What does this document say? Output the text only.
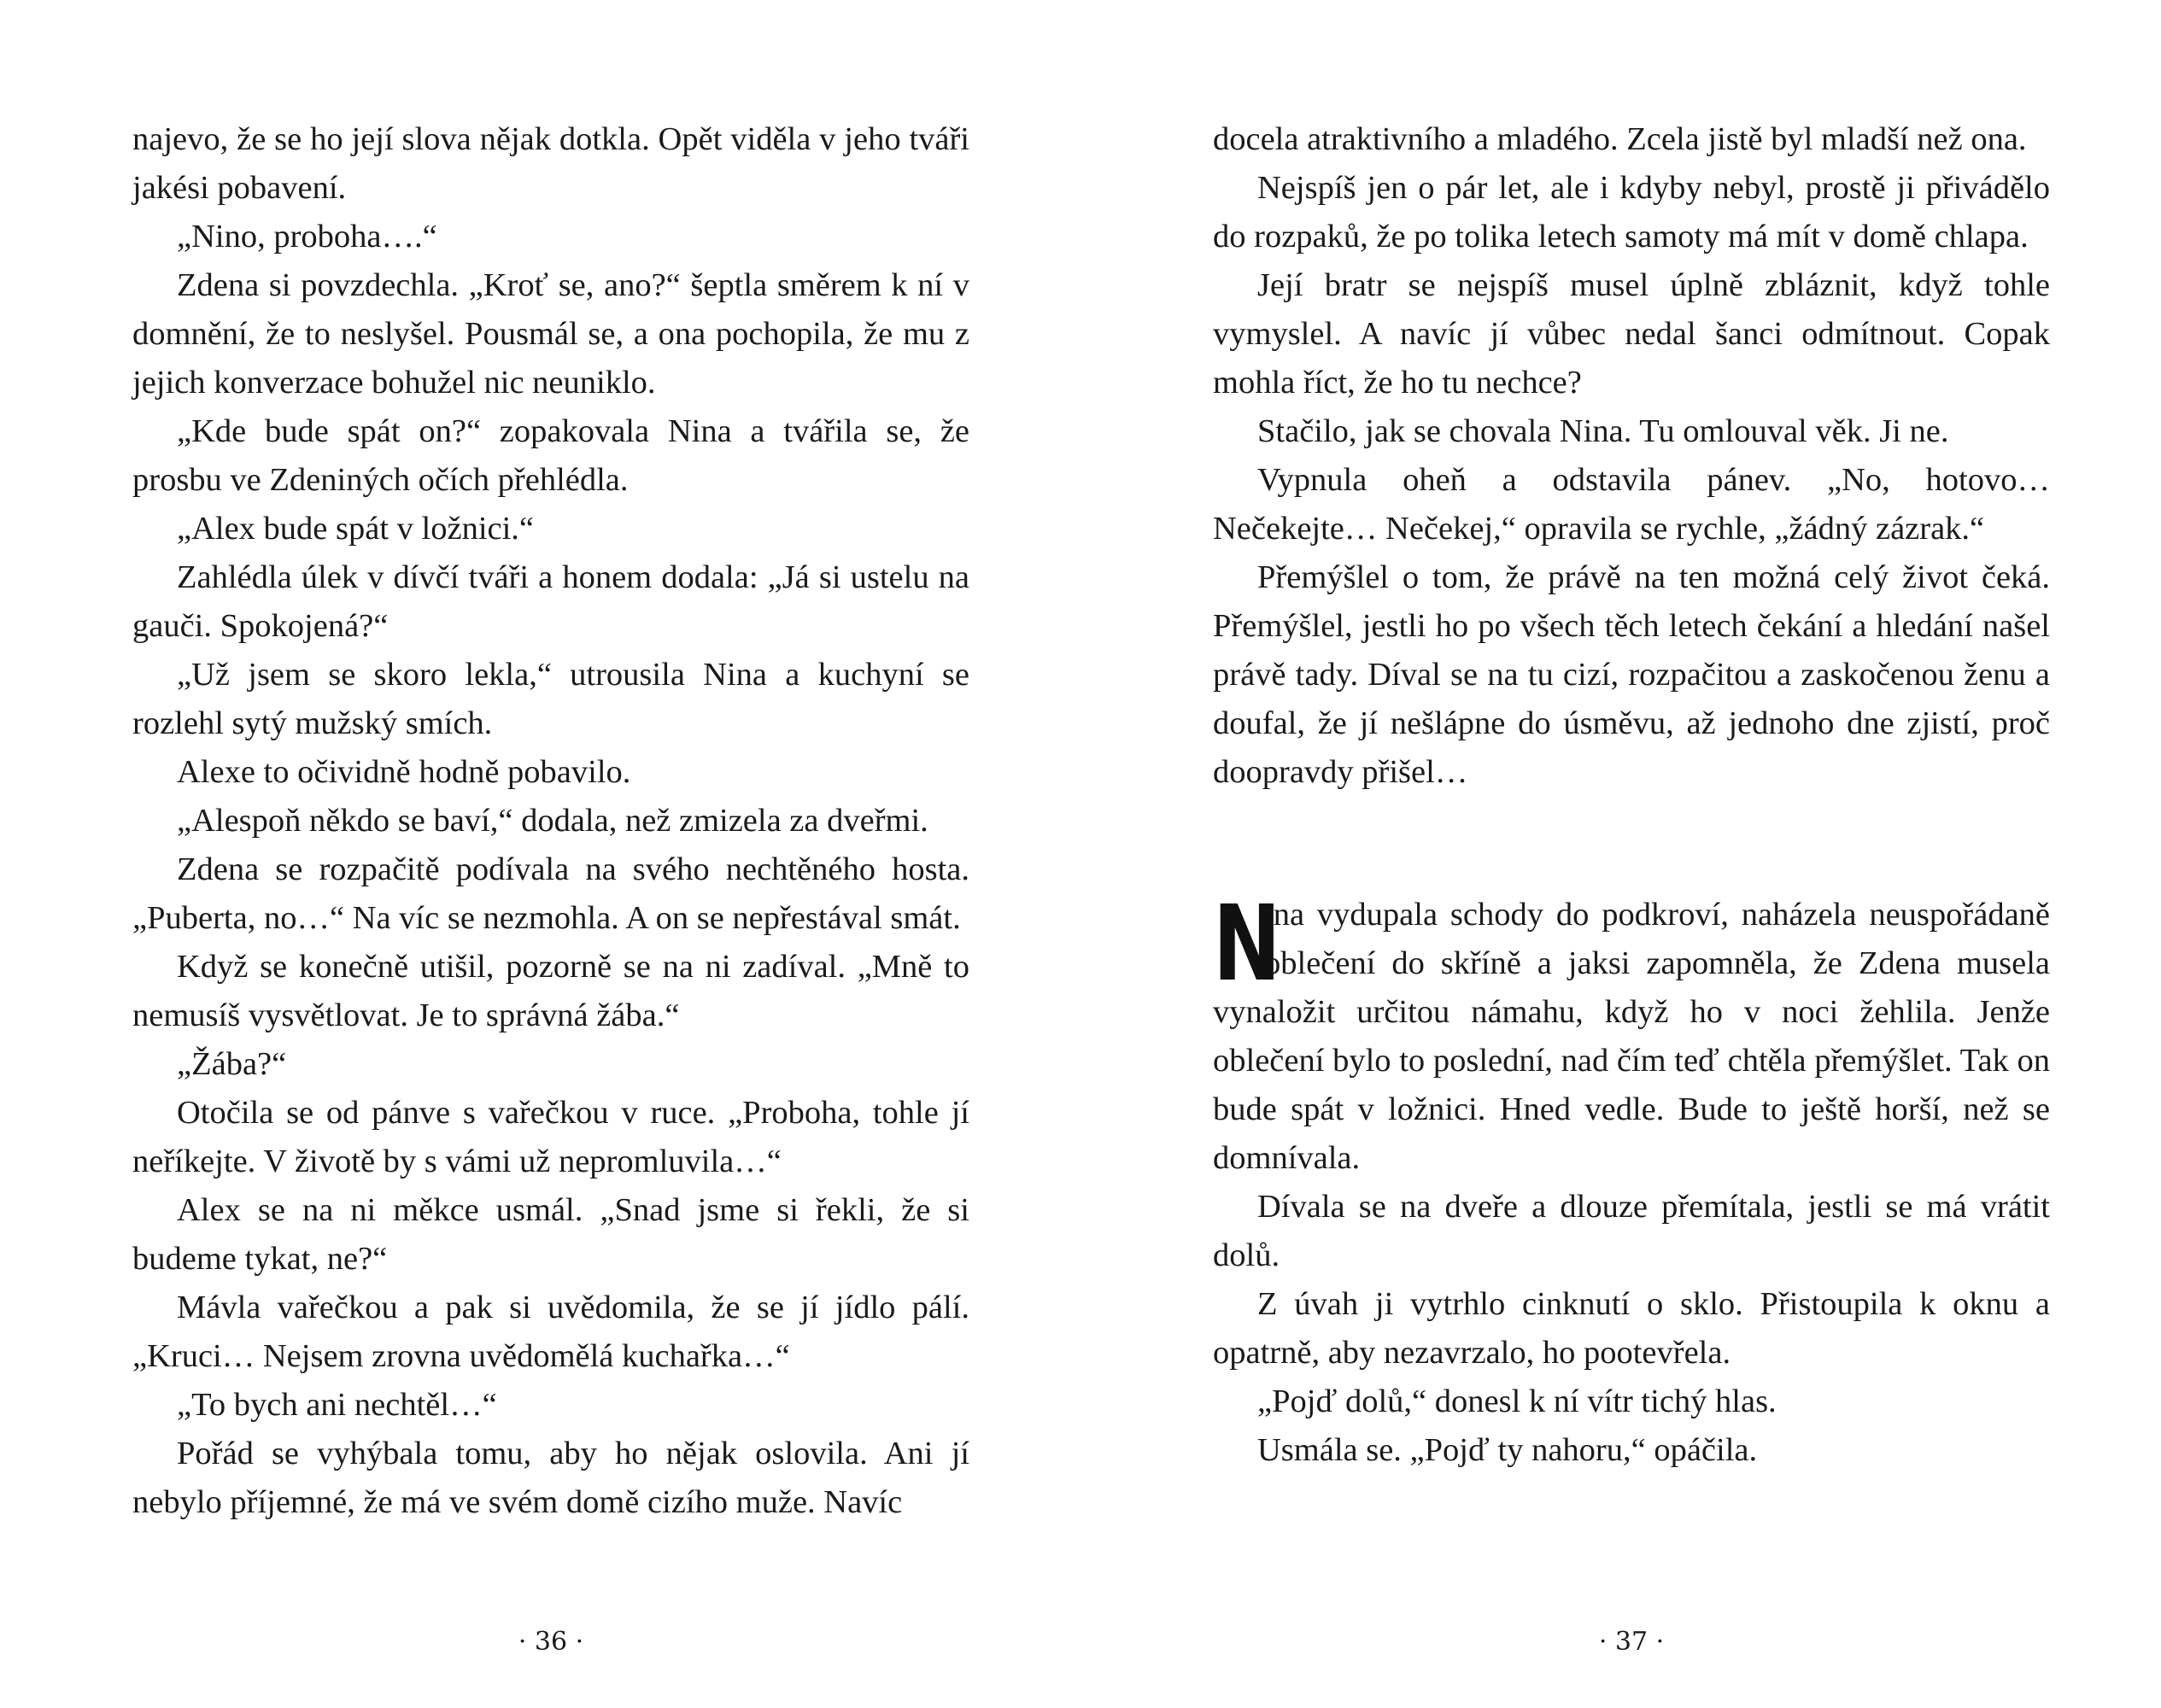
najevo, že se ho její slova nějak dotkla. Opět viděla v jeho tváři jakési pobavení.

„Nino, proboha….“

Zdena si povzdechla. „Kroť se, ano?“ šeptla směrem k ní v domnění, že to neslyšel. Pousmál se, a ona pochopila, že mu z jejich konverzace bohužel nic neuniklo.

„Kde bude spát on?“ zopakovala Nina a tvářila se, že prosbu ve Zdeniných očích přehlédla.

„Alex bude spát v ložnici.“

Zahlédla úlek v dívčí tváři a honem dodala: „Já si ustelu na gauči. Spokojená?“

„Už jsem se skoro lekla,“ utrousila Nina a kuchyní se rozlehl sytý mužský smích.

Alexe to očividně hodně pobavilo.

„Alespoň někdo se baví,“ dodala, než zmizela za dveřmi.

Zdena se rozpačitě podívala na svého nechtěného hosta. „Puberta, no…“ Na víc se nezmohla. A on se nepřestával smát.

Když se konečně utišil, pozorně se na ni zadíval. „Mně to nemusíš vysvětlovat. Je to správná žába.“

„Žába?“

Otočila se od pánve s vařečkou v ruce. „Proboha, tohle jí neříkejte. V životě by s vámi už nepromluvila…“

Alex se na ni měkce usmál. „Snad jsme si řekli, že si budeme tykat, ne?“

Mávla vařečkou a pak si uvědomila, že se jí jídlo pálí. „Kruci… Nejsem zrovna uvědomělá kuchařka…“

„To bych ani nechtěl…“

Pořád se vyhýbala tomu, aby ho nějak oslovila. Ani jí nebylo příjemné, že má ve svém domě cizího muže. Navíc

docela atraktivního a mladého. Zcela jistě byl mladší než ona.

Nejspíš jen o pár let, ale i kdyby nebyl, prostě ji přivádělo do rozpaků, že po tolika letech samoty má mít v domě chlapa.

Její bratr se nejspíš musel úplně zbláznit, když tohle vymyslel. A navíc jí vůbec nedal šanci odmítnout. Copak mohla říct, že ho tu nechce?

Stačilo, jak se chovala Nina. Tu omlouval věk. Ji ne.

Vypnula oheň a odstavila pánev. „No, hotovo… Nečekejte… Nečekej,“ opravila se rychle, „žádný zázrak.“

Přemýšlel o tom, že právě na ten možná celý život čeká. Přemýšlel, jestli ho po všech těch letech čekání a hledání našel právě tady. Díval se na tu cizí, rozpačitou a zaskočenou ženu a doufal, že jí nešlápne do úsměvu, až jednoho dne zjistí, proč doopravdy přišel…

N
ina vydupala schody do podkroví, naházela neuspořádaně oblečení do skříně a jaksi zapomněla, že Zdena musela vynaložit určitou námahu, když ho v noci žehlila. Jenže oblečení bylo to poslední, nad čím teď chtěla přemýšlet. Tak on bude spát v ložnici. Hned vedle. Bude to ještě horší, než se domnívala.

Dívala se na dveře a dlouze přemítala, jestli se má vrátit dolů.

Z úvah ji vytrhlo cinknutí o sklo. Přistoupila k oknu a opatrně, aby nezavrzalo, ho pootevřela.

„Pojď dolů,“ donesl k ní vítr tichý hlas.

Usmála se. „Pojď ty nahoru,“ opáčila.

· 36 ·	· 37 ·
